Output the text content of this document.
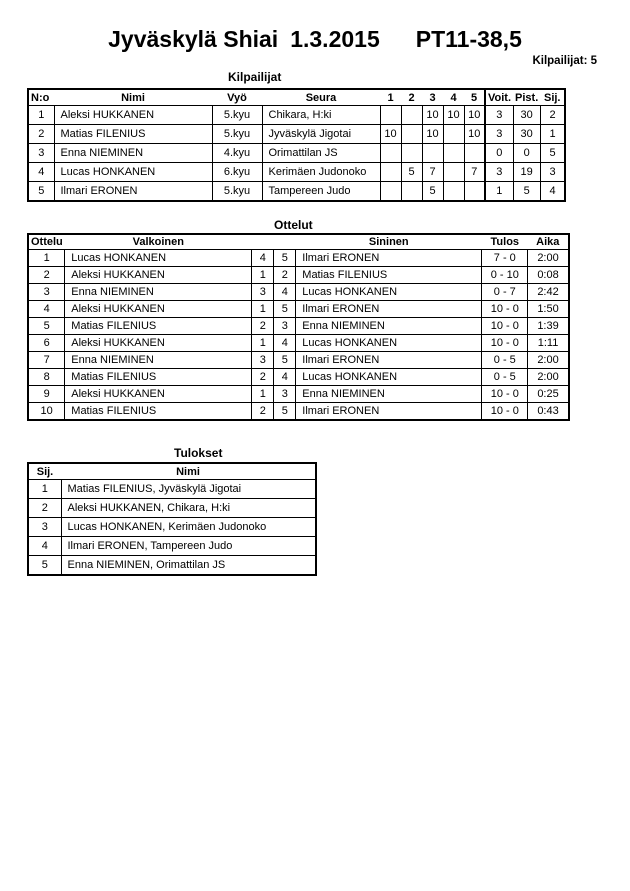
Jyväskylä Shiai 1.3.2015 PT11-38,5
Kilpailijat: 5
Kilpailijat
N:o	Nimi	Vyö	Seura	1	2	3	4	5	Voit.	Pist.	Sij.
1	Aleksi HUKKANEN	5.kyu	Chikara, H:ki			10	10	10	3	30	2
2	Matias FILENIUS	5.kyu	Jyväskylä Jigotai	10		10		10	3	30	1
3	Enna NIEMINEN	4.kyu	Orimattilan JS						0	0	5
4	Lucas HONKANEN	6.kyu	Kerimäen Judonoko		5	7		7	3	19	3
5	Ilmari ERONEN	5.kyu	Tampereen Judo			5			1	5	4
Ottelut
Ottelu	Valkoinen			Sininen	Tulos	Aika
1	Lucas HONKANEN	4	5	Ilmari ERONEN	7 - 0	2:00
2	Aleksi HUKKANEN	1	2	Matias FILENIUS	0 - 10	0:08
3	Enna NIEMINEN	3	4	Lucas HONKANEN	0 - 7	2:42
4	Aleksi HUKKANEN	1	5	Ilmari ERONEN	10 - 0	1:50
5	Matias FILENIUS	2	3	Enna NIEMINEN	10 - 0	1:39
6	Aleksi HUKKANEN	1	4	Lucas HONKANEN	10 - 0	1:11
7	Enna NIEMINEN	3	5	Ilmari ERONEN	0 - 5	2:00
8	Matias FILENIUS	2	4	Lucas HONKANEN	0 - 5	2:00
9	Aleksi HUKKANEN	1	3	Enna NIEMINEN	10 - 0	0:25
10	Matias FILENIUS	2	5	Ilmari ERONEN	10 - 0	0:43
Tulokset
Sij.	Nimi
1	Matias FILENIUS, Jyväskylä Jigotai
2	Aleksi HUKKANEN, Chikara, H:ki
3	Lucas HONKANEN, Kerimäen Judonoko
4	Ilmari ERONEN, Tampereen Judo
5	Enna NIEMINEN, Orimattilan JS
